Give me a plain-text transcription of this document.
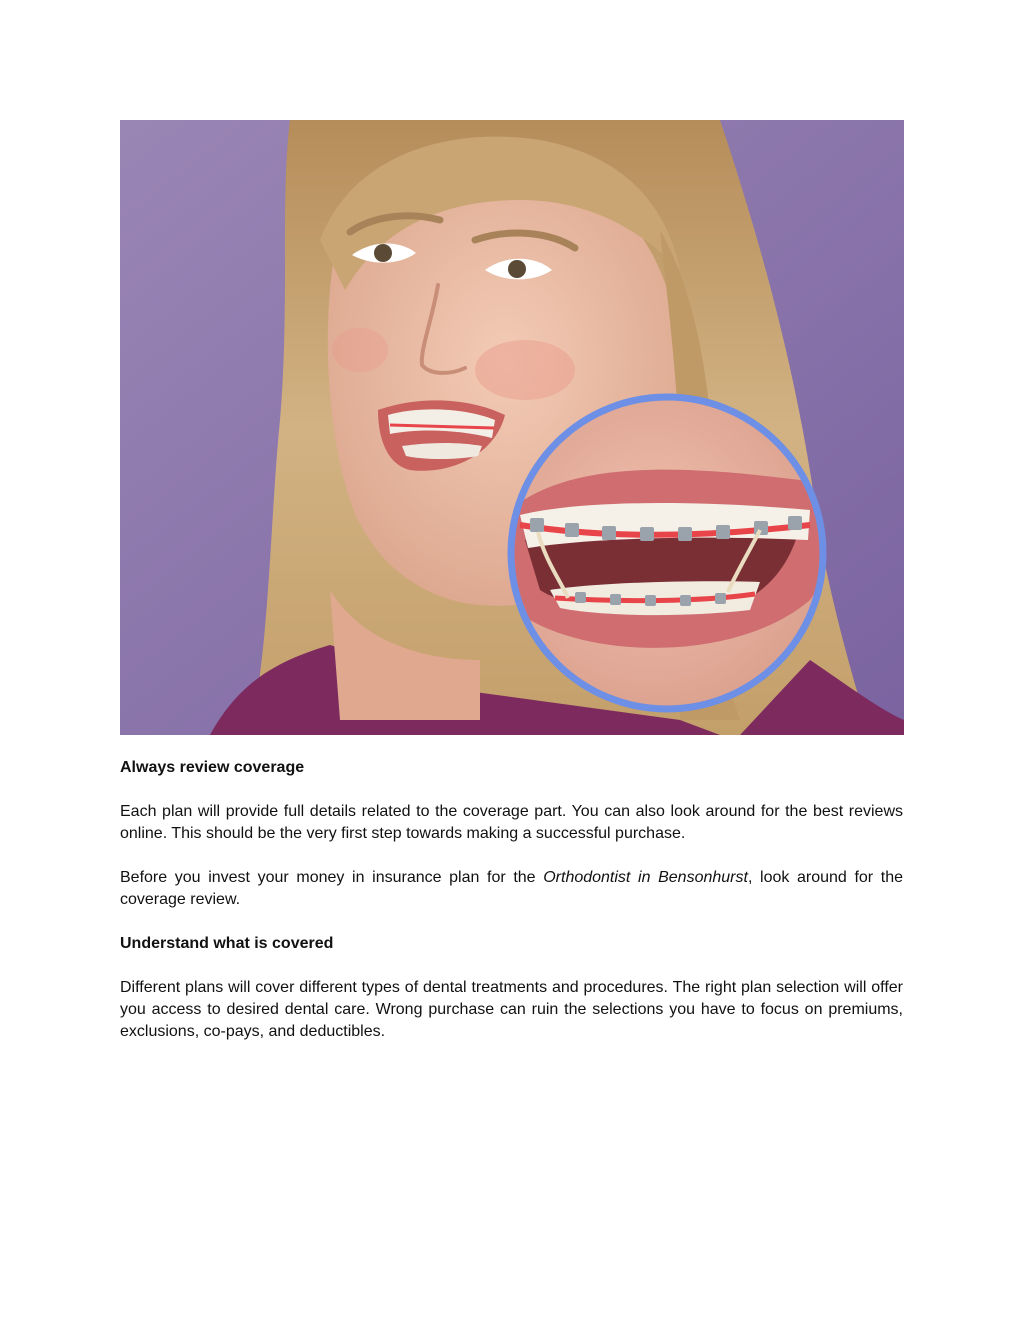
Always review coverage

Each plan will provide full details related to the coverage part. You can also look around for the best reviews online. This should be the very first step towards making a successful purchase.

Before you invest your money in insurance plan for the Orthodontist in Bensonhurst, look around for the coverage review.

Understand what is covered

Different plans will cover different types of dental treatments and procedures. The right plan selection will offer you access to desired dental care. Wrong purchase can ruin the selections you have to focus on premiums, exclusions, co-pays, and deductibles.
